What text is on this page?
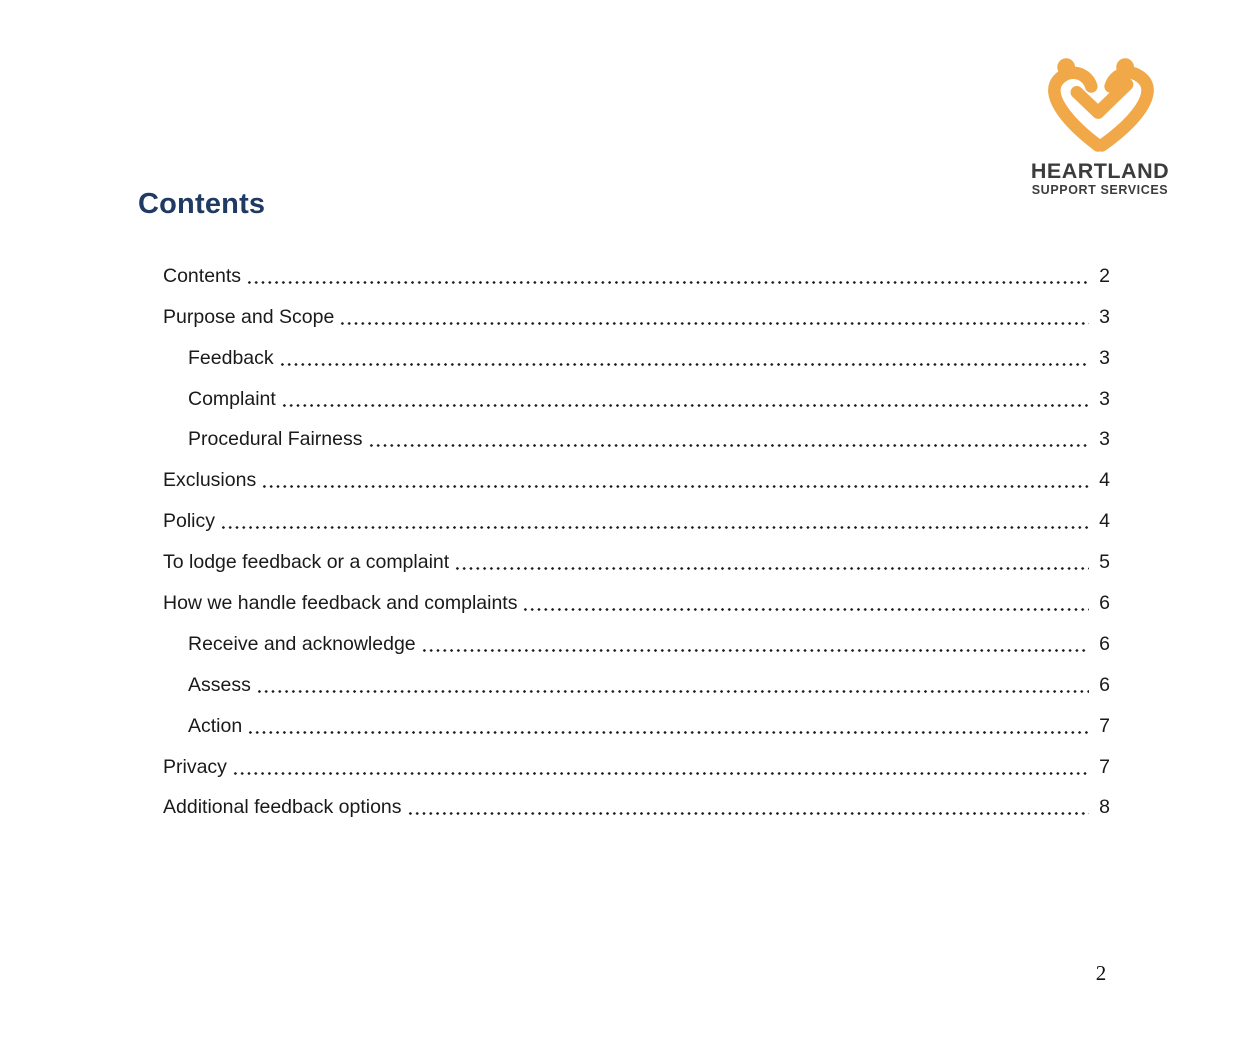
HEARTLAND
SUPPORT SERVICES
Contents
Contents	2
Purpose and Scope	3
Feedback	3
Complaint	3
Procedural Fairness	3
Exclusions	4
Policy	4
To lodge feedback or a complaint	5
How we handle feedback and complaints	6
Receive and acknowledge	6
Assess	6
Action	7
Privacy	7
Additional feedback options	8
2
